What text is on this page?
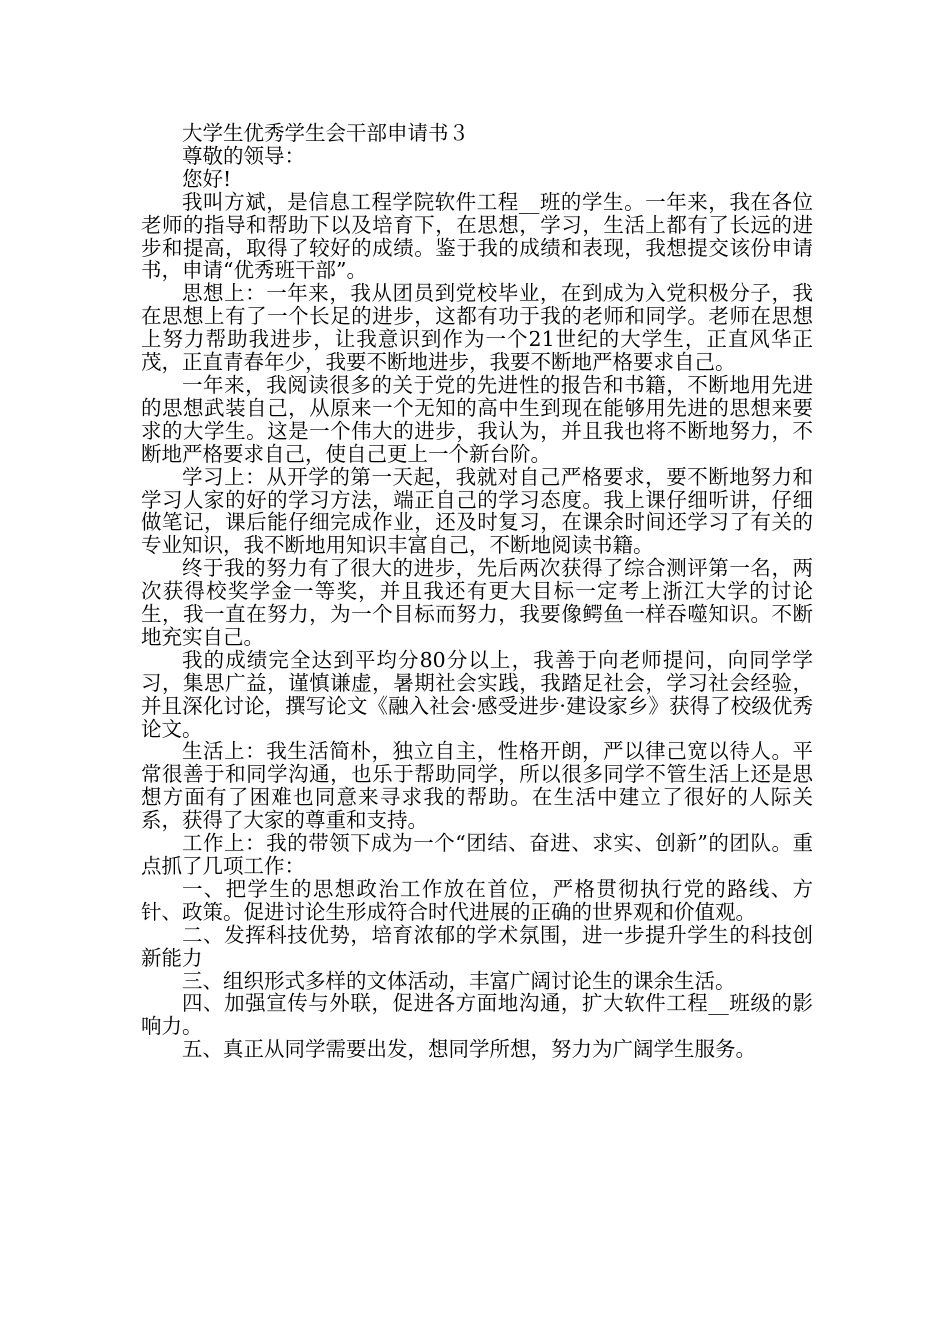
大学生优秀学生会干部申请书３

尊敬的领导：

您好!

我叫方斌，是信息工程学院软件工程__班的学生。一年来，我在各位老师的指导和帮助下以及培育下，在思想，学习，生活上都有了长远的进步和提高，取得了较好的成绩。鉴于我的成绩和表现，我想提交该份申请书，申请“优秀班干部”。

思想上：一年来，我从团员到党校毕业，在到成为入党积极分子，我在思想上有了一个长足的进步，这都有功于我的老师和同学。老师在思想上努力帮助我进步，让我意识到作为一个21世纪的大学生，正直风华正茂，正直青春年少，我要不断地进步，我要不断地严格要求自己。

一年来，我阅读很多的关于党的先进性的报告和书籍，不断地用先进的思想武装自己，从原来一个无知的高中生到现在能够用先进的思想来要求的大学生。这是一个伟大的进步，我认为，并且我也将不断地努力，不断地严格要求自己，使自己更上一个新台阶。

学习上：从开学的第一天起，我就对自己严格要求，要不断地努力和学习人家的好的学习方法，端正自己的学习态度。我上课仔细听讲，仔细做笔记，课后能仔细完成作业，还及时复习，在课余时间还学习了有关的专业知识，我不断地用知识丰富自己，不断地阅读书籍。

终于我的努力有了很大的进步，先后两次获得了综合测评第一名，两次获得校奖学金一等奖，并且我还有更大目标一定考上浙江大学的讨论生，我一直在努力，为一个目标而努力，我要像鳄鱼一样吞噬知识。不断地充实自己。

我的成绩完全达到平均分80分以上，我善于向老师提问，向同学学习，集思广益，谨慎谦虚，暑期社会实践，我踏足社会，学习社会经验，并且深化讨论，撰写论文《融入社会·感受进步·建设家乡》获得了校级优秀论文。

生活上：我生活简朴，独立自主，性格开朗，严以律己宽以待人。平常很善于和同学沟通，也乐于帮助同学，所以很多同学不管生活上还是思想方面有了困难也同意来寻求我的帮助。在生活中建立了很好的人际关系，获得了大家的尊重和支持。

工作上：我的带领下成为一个“团结、奋进、求实、创新”的团队。重点抓了几项工作：

一、把学生的思想政治工作放在首位，严格贯彻执行党的路线、方针、政策。促进讨论生形成符合时代进展的正确的世界观和价值观。

二、发挥科技优势，培育浓郁的学术氛围，进一步提升学生的科技创新能力

三、组织形式多样的文体活动，丰富广阔讨论生的课余生活。

四、加强宣传与外联，促进各方面地沟通，扩大软件工程__班级的影响力。

五、真正从同学需要出发，想同学所想，努力为广阔学生服务。
